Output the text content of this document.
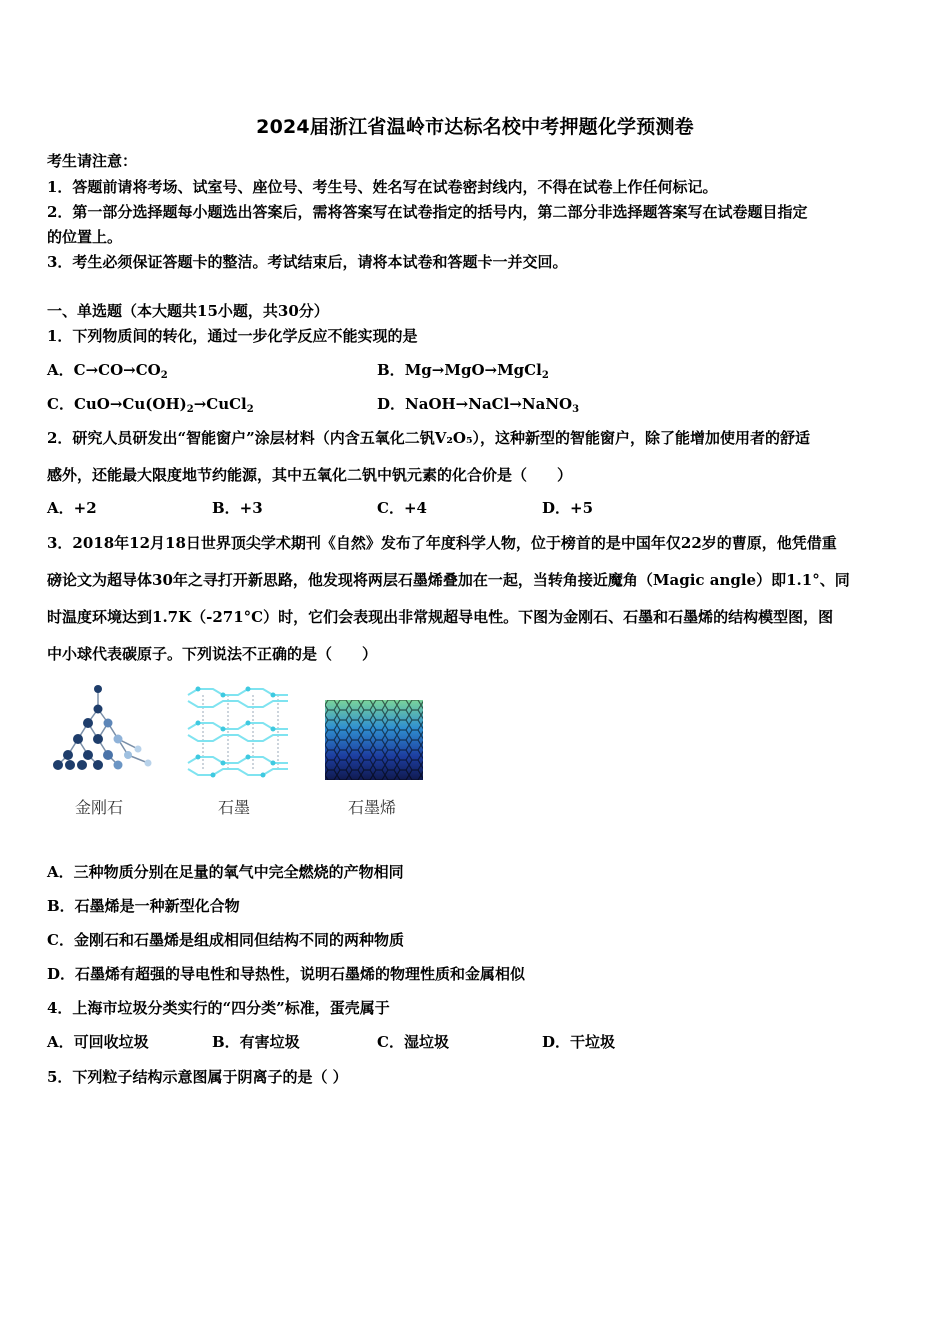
2024届浙江省温岭市达标名校中考押题化学预测卷
考生请注意：
1．答题前请将考场、试室号、座位号、考生号、姓名写在试卷密封线内，不得在试卷上作任何标记。
2．第一部分选择题每小题选出答案后，需将答案写在试卷指定的括号内，第二部分非选择题答案写在试卷题目指定
的位置上。
3．考生必须保证答题卡的整洁。考试结束后，请将本试卷和答题卡一并交回。
一、单选题（本大题共15小题，共30分）
1．下列物质间的转化，通过一步化学反应不能实现的是
A．$C\to CO\to CO_2$	B．Mg→MgO→MgCl$_2$
C．$CuO\to Cu(OH)_2\to CuCl_2$	D．NaOH→NaCl→NaNO$_3$
2．研究人员研发出“智能窗户”涂层材料（内含五氧化二钒V₂O₅），这种新型的智能窗户，除了能增加使用者的舒适
感外，还能最大限度地节约能源，其中五氧化二钒中钒元素的化合价是（　　）
A．+2	B．+3	C．+4	D．+5
3．2018年12月18日世界顶尖学术期刊《自然》发布了年度科学人物，位于榜首的是中国年仅22岁的曹原，他凭借重
磅论文为超导体30年之寻打开新思路，他发现将两层石墨烯叠加在一起，当转角接近魔角（Magic angle）即1.1°、同
时温度环境达到1.7K（-271°C）时，它们会表现出非常规超导电性。下图为金刚石、石墨和石墨烯的结构模型图，图
中小球代表碳原子。下列说法不正确的是（　　）
金刚石	石墨	石墨烯
A．三种物质分别在足量的氧气中完全燃烧的产物相同
B．石墨烯是一种新型化合物
C．金刚石和石墨烯是组成相同但结构不同的两种物质
D．石墨烯有超强的导电性和导热性，说明石墨烯的物理性质和金属相似
4．上海市垃圾分类实行的“四分类”标准，蛋壳属于
A．可回收垃圾	B．有害垃圾	C．湿垃圾	D．干垃圾
5．下列粒子结构示意图属于阴离子的是（ ）
